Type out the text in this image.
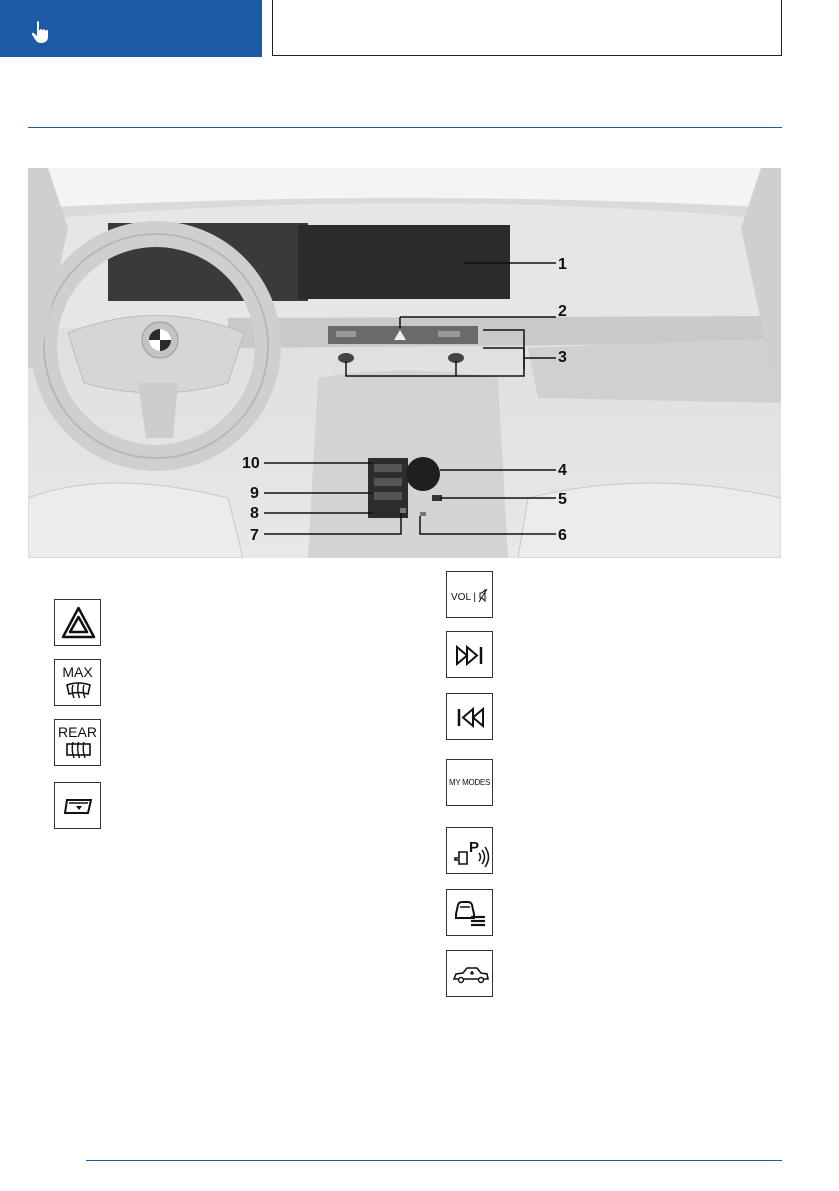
1
2
3
4
5
6
7
8
9
10
MAX
REAR
VOL |
MY MODES
P
